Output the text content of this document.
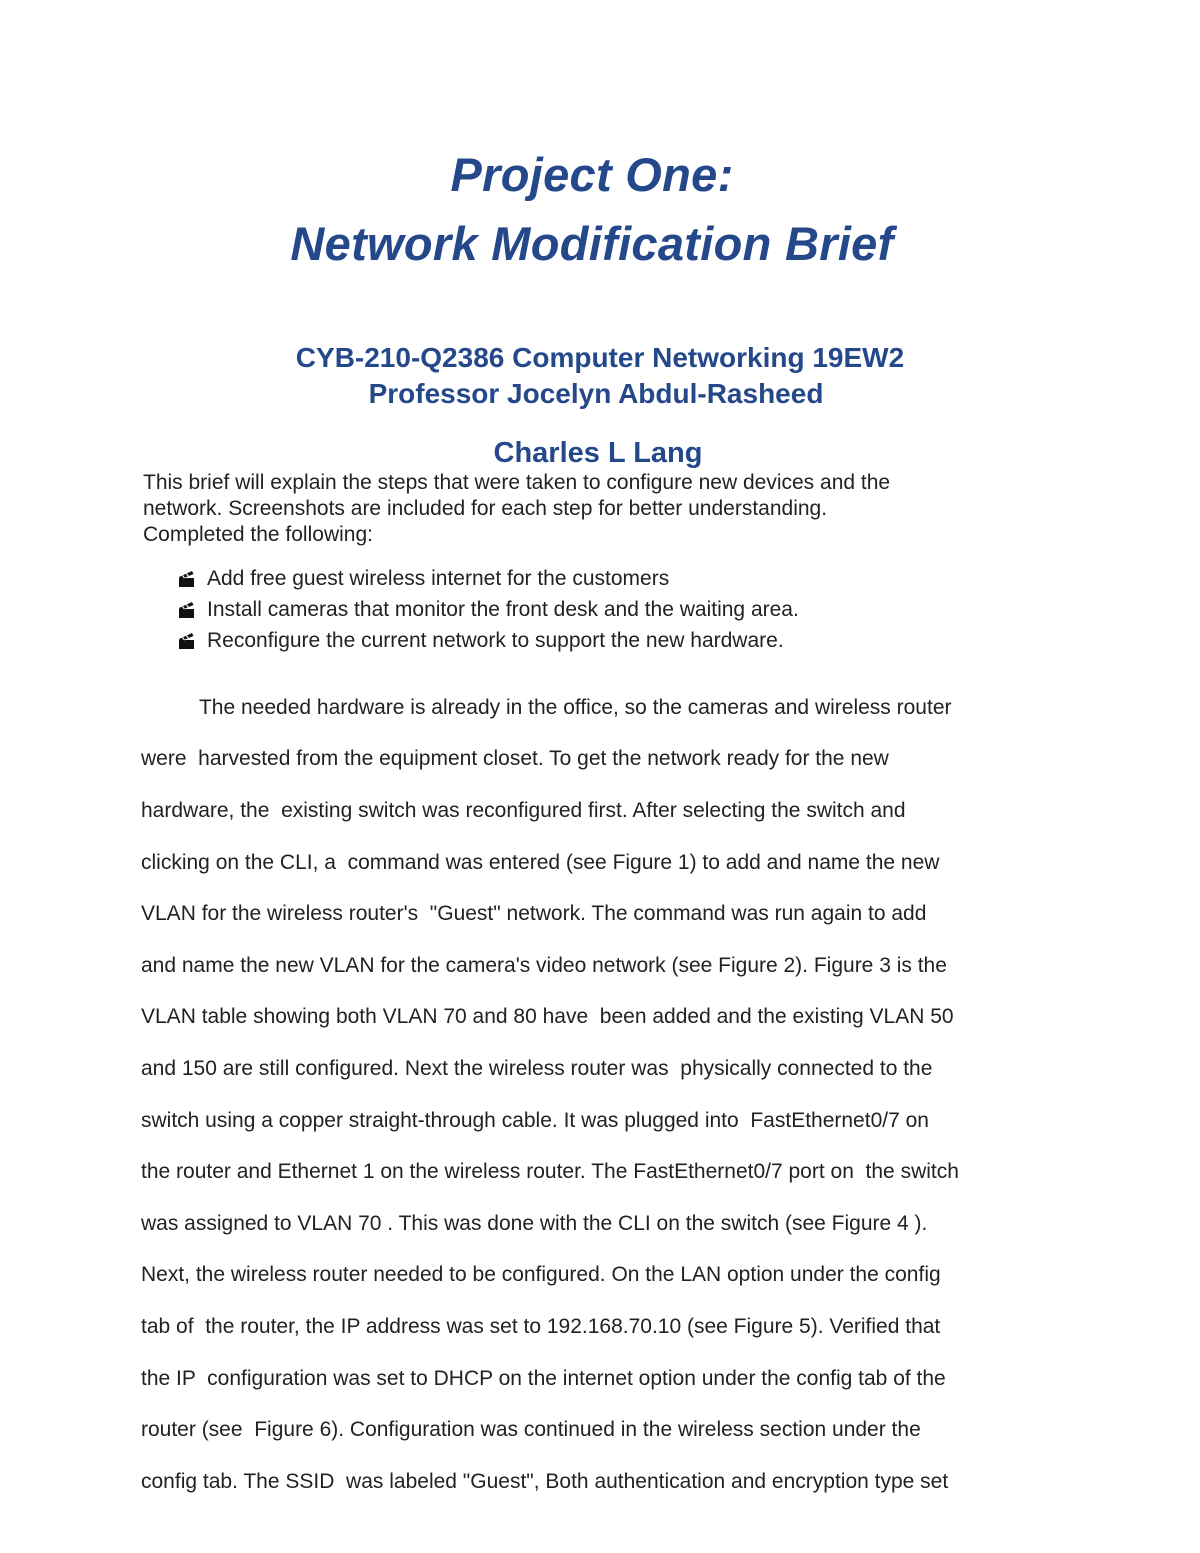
Project One:
Network Modification Brief
CYB-210-Q2386 Computer Networking 19EW2
Professor Jocelyn Abdul-Rasheed
Charles L Lang
This brief will explain the steps that were taken to configure new devices and the
network. Screenshots are included for each step for better understanding.
Completed the following:
Add free guest wireless internet for the customers
Install cameras that monitor the front desk and the waiting area.
Reconfigure the current network to support the new hardware.
The needed hardware is already in the office, so the cameras and wireless router
were  harvested from the equipment closet. To get the network ready for the new
hardware, the  existing switch was reconfigured first. After selecting the switch and
clicking on the CLI, a  command was entered (see Figure 1) to add and name the new
VLAN for the wireless router's  "Guest" network. The command was run again to add
and name the new VLAN for the camera's video network (see Figure 2). Figure 3 is the
VLAN table showing both VLAN 70 and 80 have  been added and the existing VLAN 50
and 150 are still configured. Next the wireless router was  physically connected to the
switch using a copper straight-through cable. It was plugged into  FastEthernet0/7 on
the router and Ethernet 1 on the wireless router. The FastEthernet0/7 port on  the switch
was assigned to VLAN 70 . This was done with the CLI on the switch (see Figure 4 ).
Next, the wireless router needed to be configured. On the LAN option under the config
tab of  the router, the IP address was set to 192.168.70.10 (see Figure 5). Verified that
the IP  configuration was set to DHCP on the internet option under the config tab of the
router (see  Figure 6). Configuration was continued in the wireless section under the
config tab. The SSID  was labeled "Guest", Both authentication and encryption type set
